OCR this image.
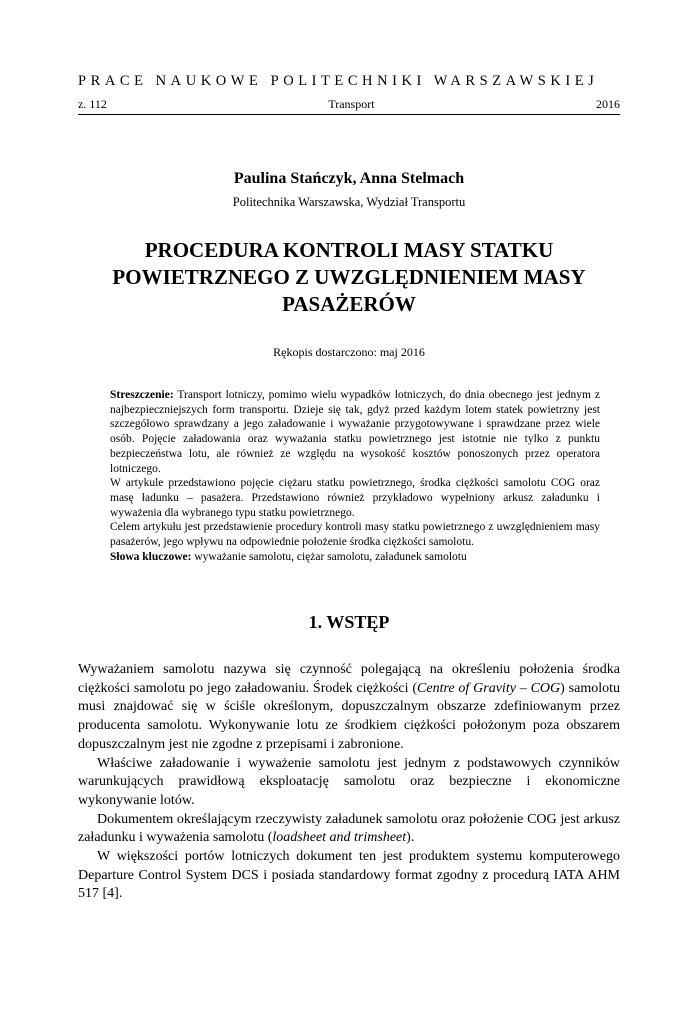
PRACE NAUKOWE POLITECHNIKI WARSZAWSKIEJ
z. 112	Transport	2016
Paulina Stańczyk, Anna Stelmach
Politechnika Warszawska, Wydział Transportu
PROCEDURA KONTROLI MASY STATKU
POWIETRZNEGO Z UWZGLĘDNIENIEM MASY
PASAŻERÓW
Rękopis dostarczono: maj 2016

Streszczenie: Transport lotniczy, pomimo wielu wypadków lotniczych, do dnia obecnego jest jednym z najbezpieczniejszych form transportu. Dzieje się tak, gdyż przed każdym lotem statek powietrzny jest szczegółowo sprawdzany a jego załadowanie i wyważanie przygotowywane i sprawdzane przez wiele osób. Pojęcie załadowania oraz wyważania statku powietrznego jest istotnie nie tylko z punktu bezpieczeństwa lotu, ale również ze względu na wysokość kosztów ponoszonych przez operatora lotniczego.

W artykule przedstawiono pojęcie ciężaru statku powietrznego, środka ciężkości samolotu COG oraz masę ładunku – pasażera. Przedstawiono również przykładowo wypełniony arkusz załadunku i wyważenia dla wybranego typu statku powietrznego.

Celem artykułu jest przedstawienie procedury kontroli masy statku powietrznego z uwzględnieniem masy pasażerów, jego wpływu na odpowiednie położenie środka ciężkości samolotu.

Słowa kluczowe: wyważanie samolotu, ciężar samolotu, załadunek samolotu

1. WSTĘP

Wyważaniem samolotu nazywa się czynność polegającą na określeniu położenia środka ciężkości samolotu po jego załadowaniu. Środek ciężkości (Centre of Gravity – COG) samolotu musi znajdować się w ściśle określonym, dopuszczalnym obszarze zdefiniowanym przez producenta samolotu. Wykonywanie lotu ze środkiem ciężkości położonym poza obszarem dopuszczalnym jest nie zgodne z przepisami i zabronione.

Właściwe załadowanie i wyważenie samolotu jest jednym z podstawowych czynników warunkujących prawidłową eksploatację samolotu oraz bezpieczne i ekonomiczne wykonywanie lotów.

Dokumentem określającym rzeczywisty załadunek samolotu oraz położenie COG jest arkusz załadunku i wyważenia samolotu (loadsheet and trimsheet).

W większości portów lotniczych dokument ten jest produktem systemu komputerowego Departure Control System DCS i posiada standardowy format zgodny z procedurą IATA AHM 517 [4].
